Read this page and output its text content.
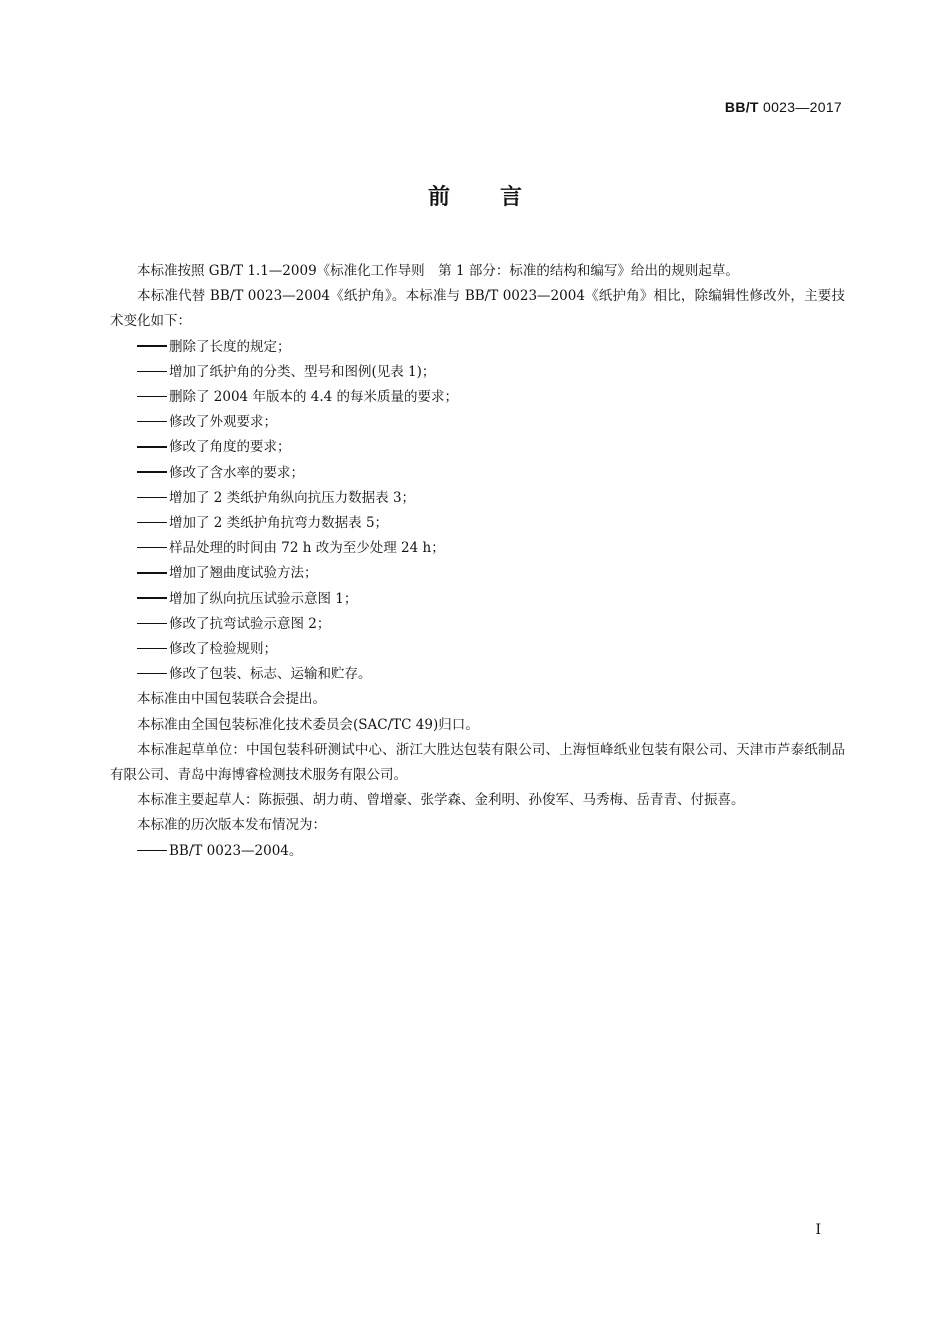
BB/T 0023—2017
前言

本标准按照 GB/T 1.1—2009《标准化工作导则　第 1 部分：标准的结构和编写》给出的规则起草。

本标准代替 BB/T 0023—2004《纸护角》。本标准与 BB/T 0023—2004《纸护角》相比，除编辑性修改外，主要技术变化如下：

删除了长度的规定；

增加了纸护角的分类、型号和图例(见表 1)；

删除了 2004 年版本的 4.4 的每米质量的要求；

修改了外观要求；

修改了角度的要求；

修改了含水率的要求；

增加了 2 类纸护角纵向抗压力数据表 3；

增加了 2 类纸护角抗弯力数据表 5；

样品处理的时间由 72 h 改为至少处理 24 h；

增加了翘曲度试验方法；

增加了纵向抗压试验示意图 1；

修改了抗弯试验示意图 2；

修改了检验规则；

修改了包装、标志、运输和贮存。

本标准由中国包装联合会提出。

本标准由全国包装标准化技术委员会(SAC/TC 49)归口。

本标准起草单位：中国包装科研测试中心、浙江大胜达包装有限公司、上海恒峰纸业包装有限公司、天津市芦泰纸制品有限公司、青岛中海博睿检测技术服务有限公司。

本标准主要起草人：陈振强、胡力萌、曾增豪、张学森、金利明、孙俊军、马秀梅、岳青青、付振喜。

本标准的历次版本发布情况为：

BB/T 0023—2004。

I
